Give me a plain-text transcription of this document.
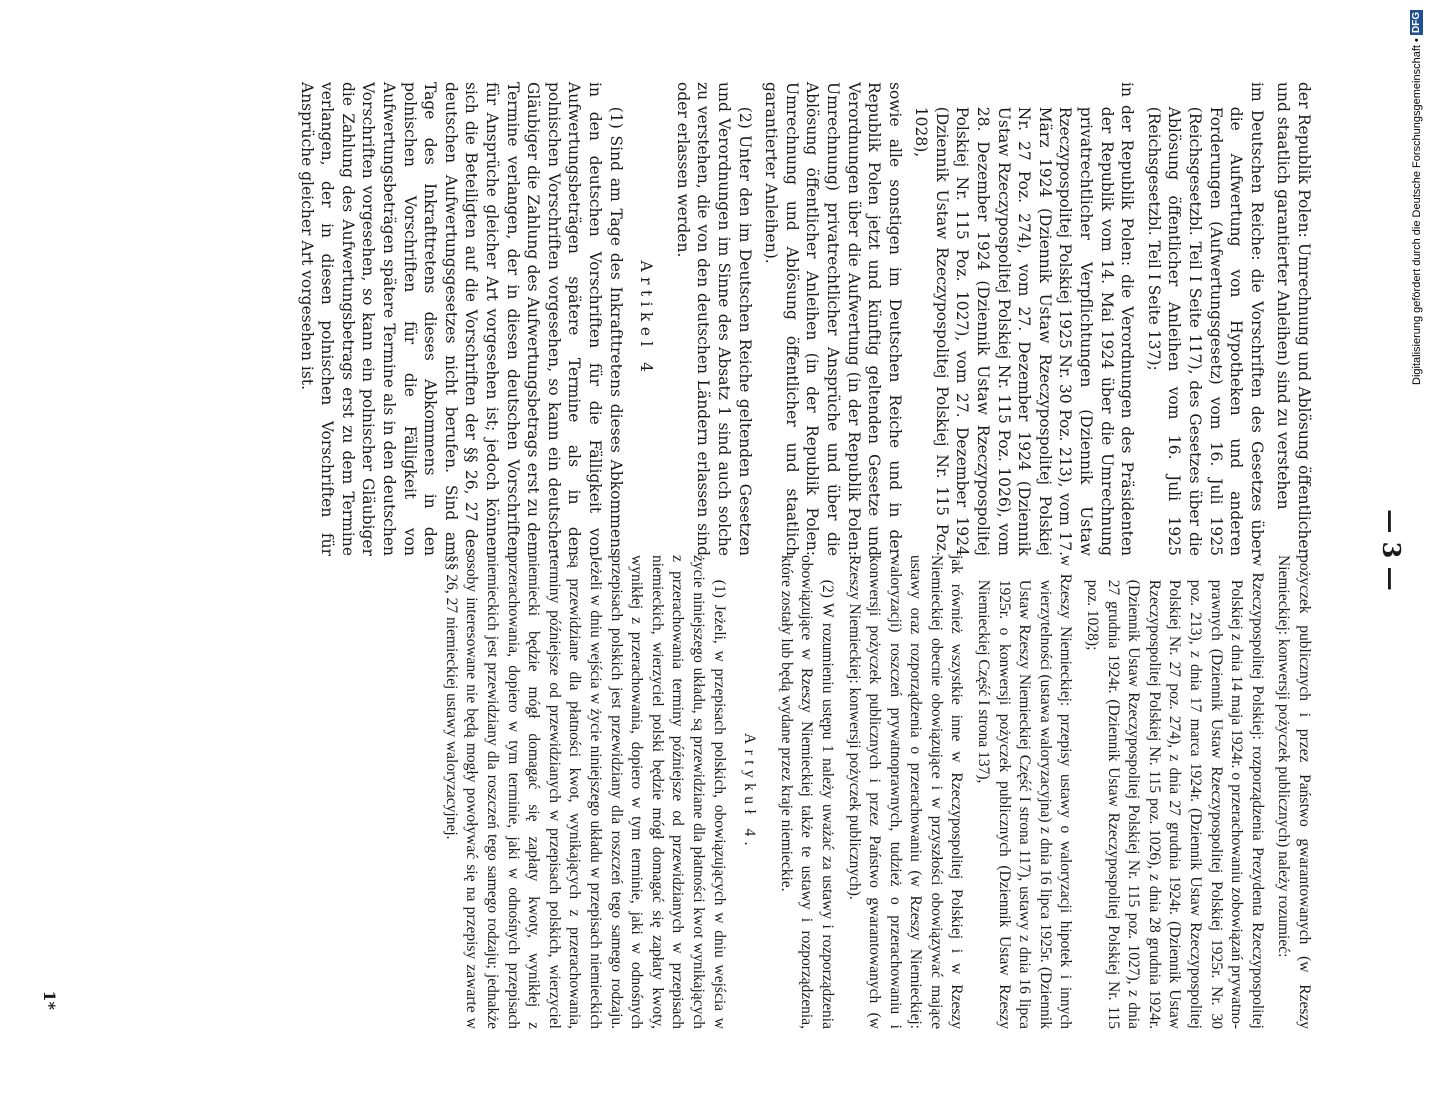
— 3 —

der Republik Polen: Umrechnung und Ablösung öffentlicher und staatlich garantierter Anleihen) sind zu verstehen

im Deutschen Reiche: die Vorschriften des Gesetzes über die Aufwertung von Hypotheken und anderen Forderungen (Aufwertungsgesetz) vom 16. Juli 1925 (Reichsgesetzbl. Teil I Seite 117), des Gesetzes über die Ablösung öffentlicher Anleihen vom 16. Juli 1925 (Reichsgesetzbl. Teil I Seite 137);

in der Republik Polen: die Verordnungen des Präsidenten der Republik vom 14. Mai 1924 über die Umrechnung privatrechtlicher Verpflichtungen (Dziennik Ustaw Rzeczypospolitej Polskiej 1925 Nr. 30 Poz. 213), vom 17. März 1924 (Dziennik Ustaw Rzeczypospolitej Polskiej Nr. 27 Poz. 274), vom 27. Dezember 1924 (Dziennik Ustaw Rzeczypospolitej Polskiej Nr. 115 Poz. 1026), vom 28. Dezember 1924 (Dziennik Ustaw Rzeczypospolitej Polskiej Nr. 115 Poz. 1027), vom 27. Dezember 1924 (Dziennik Ustaw Rzeczypospolitej Polskiej Nr. 115 Poz. 1028),

sowie alle sonstigen im Deutschen Reiche und in der Republik Polen jetzt und künftig geltenden Gesetze und Verordnungen über die Aufwertung (in der Republik Polen: Umrechnung) privatrechtlicher Ansprüche und über die Ablösung öffentlicher Anleihen (in der Republik Polen: Umrechnung und Ablösung öffentlicher und staatlich garantierter Anleihen).

(2) Unter den im Deutschen Reiche geltenden Gesetzen und Verordnungen im Sinne des Absatz 1 sind auch solche zu verstehen, die von den deutschen Ländern erlassen sind oder erlassen werden.

Artikel 4

(1) Sind am Tage des Inkrafttretens dieses Abkommens in den deutschen Vorschriften für die Fälligkeit von Aufwertungsbeträgen spätere Termine als in den polnischen Vorschriften vorgesehen, so kann ein deutscher Gläubiger die Zahlung des Aufwertungsbetrags erst zu dem Termine verlangen, der in diesen deutschen Vorschriften für Ansprüche gleicher Art vorgesehen ist; jedoch können sich die Beteiligten auf die Vorschriften der §§ 26, 27 des deutschen Aufwertungsgesetzes nicht berufen. Sind am Tage des Inkrafttretens dieses Abkommens in den polnischen Vorschriften für die Fälligkeit von Aufwertungsbeträgen spätere Termine als in den deutschen Vorschriften vorgesehen, so kann ein polnischer Gläubiger die Zahlung des Aufwertungsbetrags erst zu dem Termine verlangen, der in diesen polnischen Vorschriften für Ansprüche gleicher Art vorgesehen ist.

pożyczek publicznych i przez Państwo gwarantowanych (w Rzeszy Niemieckiej: konwersji pożyczek publicznych) należy rozumieć:

w Rzeczypospolitej Polskiej: rozporządzenia Prezydenta Rzeczypospolitej Polskiej z dnia 14 maja 1924r. o przerachowaniu zobowiązań prywatno-prawnych (Dziennik Ustaw Rzeczypospolitej Polskiej 1925r. Nr. 30 poz. 213), z dnia 17 marca 1924r. (Dziennik Ustaw Rzeczypospolitej Polskiej Nr. 27 poz. 274), z dnia 27 grudnia 1924r. (Dziennik Ustaw Rzeczypospolitej Polskiej Nr. 115 poz. 1026), z dnia 28 grudnia 1924r. (Dziennik Ustaw Rzeczypospolitej Polskiej Nr. 115 poz. 1027), z dnia 27 grudnia 1924r. (Dziennik Ustaw Rzeczypospolitej Polskiej Nr. 115 poz. 1028);

w Rzeszy Niemieckiej: przepisy ustawy o waloryzacji hipotek i innych wierzytelności (ustawa waloryzacyjna) z dnia 16 lipca 1925r. (Dziennik Ustaw Rzeszy Niemieckiej Część I strona 117), ustawy z dnia 16 lipca 1925r. o konwersji pożyczek publicznych (Dziennik Ustaw Rzeszy Niemieckiej Część I strona 137),

jak również wszystkie inne w Rzeczypospolitej Polskiej i w Rzeszy Niemieckiej obecnie obowiązujące i w przyszłości obowiązywać mające ustawy oraz rozporządzenia o przerachowaniu (w Rzeszy Niemieckiej: waloryzacji) roszczeń prywatnoprawnych, tudzież o przerachowaniu i konwersji pożyczek publicznych i przez Państwo gwarantowanych (w Rzeszy Niemieckiej: konwersji pożyczek publicznych).

(2) W rozumieniu ustępu 1 należy uważać za ustawy i rozporządzenia obowiązujące w Rzeszy Niemieckiej także te ustawy i rozporządzenia, które zostały lub będą wydane przez kraje niemieckie.

Artykuł 4.

(1) Jeżeli, w przepisach polskich, obowiązujących w dniu wejścia w życie niniejszego układu, są przewidziane dla płatności kwot wynikających z przerachowania terminy późniejsze od przewidzianych w przepisach niemieckich, wierzyciel polski będzie mógł domagać się zapłaty kwoty, wynikłej z przerachowania, dopiero w tym terminie, jaki w odnośnych przepisach polskich jest przewidziany dla roszczeń tego samego rodzaju. Jeżeli w dniu wejścia w życie niniejszego układu w przepisach niemieckich są przewidziane dla płatności kwot, wynikających z przerachowania, terminy późniejsze od przewidzianych w przepisach polskich, wierzyciel niemiecki będzie mógł domagać się zapłaty kwoty, wynikłej z przerachowania, dopiero w tym terminie, jaki w odnośnych przepisach niemieckich jest przewidziany dla roszczeń tego samego rodzaju; jednakże osoby interesowane nie będą mogły powoływać się na przepisy zawarte w §§ 26, 27 niemieckiej ustawy waloryzacyjnej.

1*
Digitalisierung gefördert durch die Deutsche Forschungsgemeinschaft • DFG
